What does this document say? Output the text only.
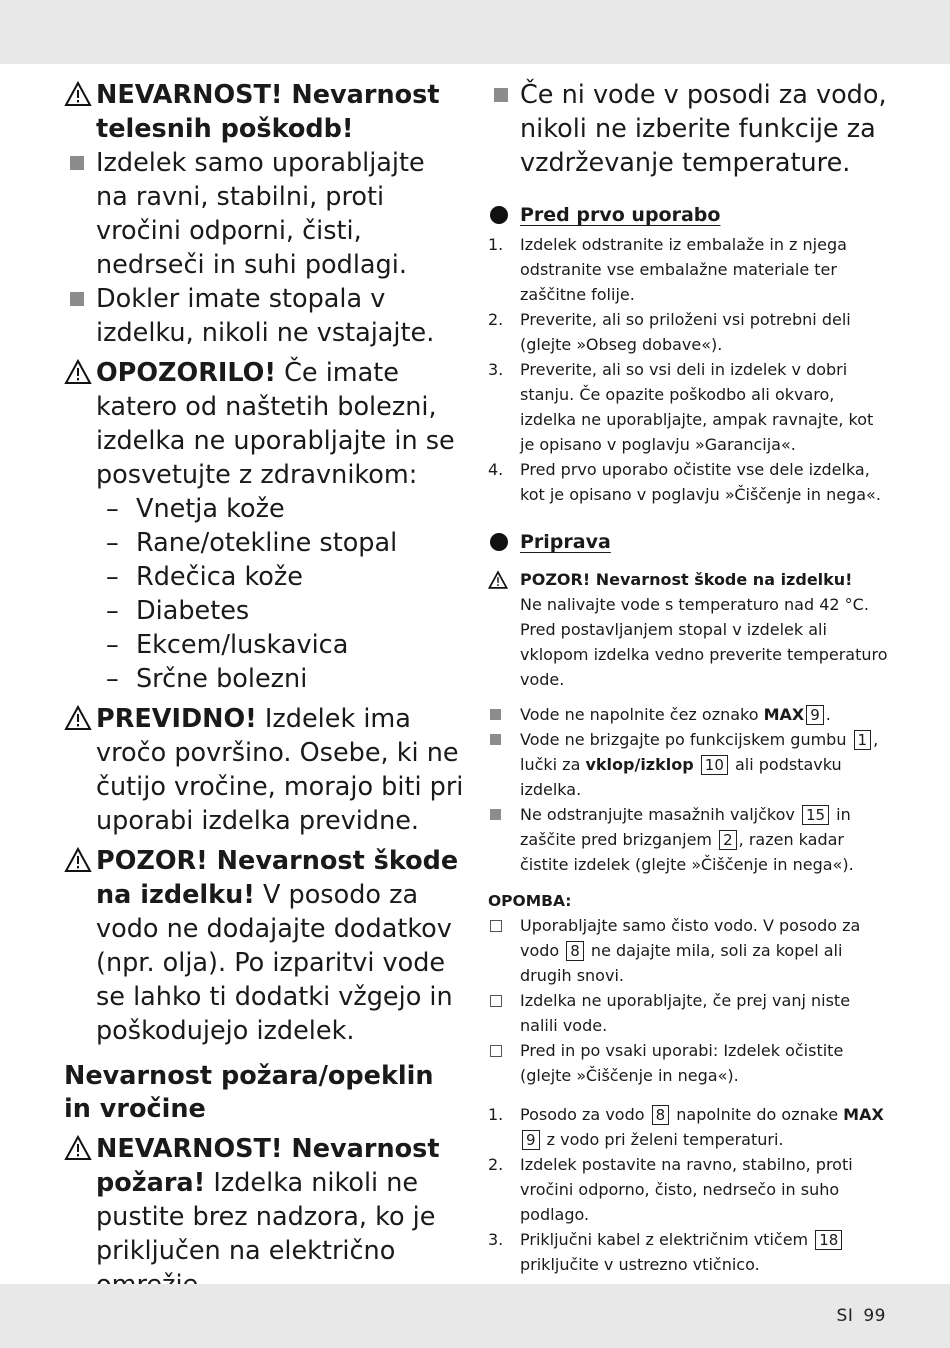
NEVARNOST! Nevarnost telesnih poškodb!
Izdelek samo uporabljajte na ravni, stabilni, proti vročini odporni, čisti, nedrseči in suhi podlagi.
Dokler imate stopala v izdelku, nikoli ne vstajajte.
OPOZORILO! Če imate katero od naštetih bolezni, izdelka ne uporabljajte in se posvetujte z zdravnikom:
– Vnetja kože
– Rane/otekline stopal
– Rdečica kože
– Diabetes
– Ekcem/luskavica
– Srčne bolezni
PREVIDNO! Izdelek ima vročo površino. Osebe, ki ne čutijo vročine, morajo biti pri uporabi izdelka previdne.
POZOR! Nevarnost škode na izdelku! V posodo za vodo ne dodajajte dodatkov (npr. olja). Po izparitvi vode se lahko ti dodatki vžgejo in poškodujejo izdelek.
Nevarnost požara/opeklin in vročine
NEVARNOST! Nevarnost požara! Izdelka nikoli ne pustite brez nadzora, ko je priključen na električno
Če ni vode v posodi za vodo, nikoli ne izberite funkcije za vzdrževanje temperature.
Pred prvo uporabo
1. Izdelek odstranite iz embalaže in z njega odstranite vse embalažne materiale ter zaščitne folije.
2. Preverite, ali so priloženi vsi potrebni deli (glejte »Obseg dobave«).
3. Preverite, ali so vsi deli in izdelek v dobri stanju. Če opazite poškodbo ali okvaro, izdelka ne uporabljajte, ampak ravnajte, kot je opisano v poglavju »Garancija«.
4. Pred prvo uporabo očistite vse dele izdelka, kot je opisano v poglavju »Čiščenje in nega«.
Priprava
POZOR! Nevarnost škode na izdelku!
Ne nalivajte vode s temperaturo nad 42 °C. Pred postavljanjem stopal v izdelek ali vklopom izdelka vedno preverite temperaturo vode.
Vode ne napolnite čez oznako MAX 9 .
Vode ne brizgajte po funkcijskem gumbu 1 , lučki za vklop/izklop 10 ali podstavku izdelka.
Ne odstranjujte masažnih valjčkov 15 in zaščite pred brizganjem 2 , razen kadar čistite izdelek (glejte »Čiščenje in nega«).
OPOMBA:
Uporabljajte samo čisto vodo. V posodo za vodo 8 ne dajajte mila, soli za kopel ali drugih snovi.
Izdelka ne uporabljajte, če prej vanj niste nalili vode.
Pred in po vsaki uporabi: Izdelek očistite (glejte »Čiščenje in nega«).
1. Posodo za vodo 8 napolnite do oznake MAX 9 z vodo pri želeni temperaturi.
2. Izdelek postavite na ravno, stabilno, proti vročini odporno, čisto, nedrsečo in suho podlago.
3. Priključni kabel z električnim vtičem 18 priključite v ustrezno vtičnico.
SI 99
